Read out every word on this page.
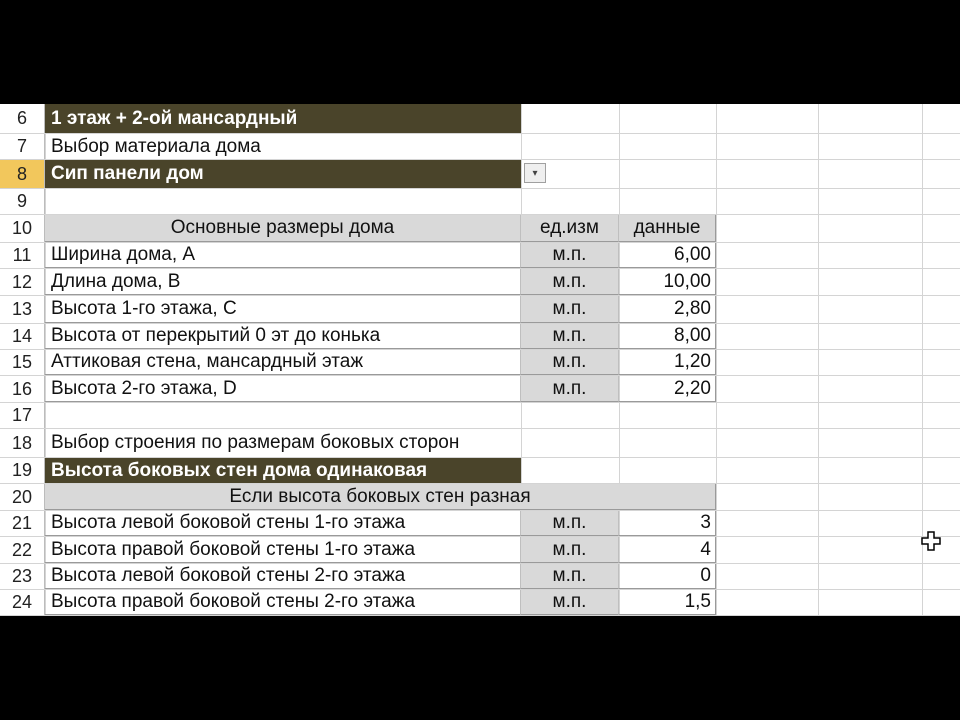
6	1 этаж + 2-ой мансардный
7	Выбор материала дома
8	Сип панели дом	▾
9
10	Основные размеры дома	ед.изм	данные
11	Ширина дома, А	м.п.	6,00
12 Длина дома, В	м.п.	10,00
13 Высота 1-го этажа, С	м.п.	2,80
14 Высота от перекрытий 0 эт до конька	м.п.	8,00
15 Аттиковая стена, мансардный этаж	м.п.	1,20
16 Высота 2-го этажа, D	м.п.	2,20
17
18 Выбор строения по размерам боковых сторон
19 Высота боковых стен дома одинаковая
20	Если высота боковых стен разная
21 Высота левой боковой стены 1-го этажа	м.п.	3
22 Высота правой боковой стены 1-го этажа	м.п.	4
23 Высота левой боковой стены 2-го этажа	м.п.	0
24 Высота правой боковой стены 2-го этажа	м.п.	1,5
